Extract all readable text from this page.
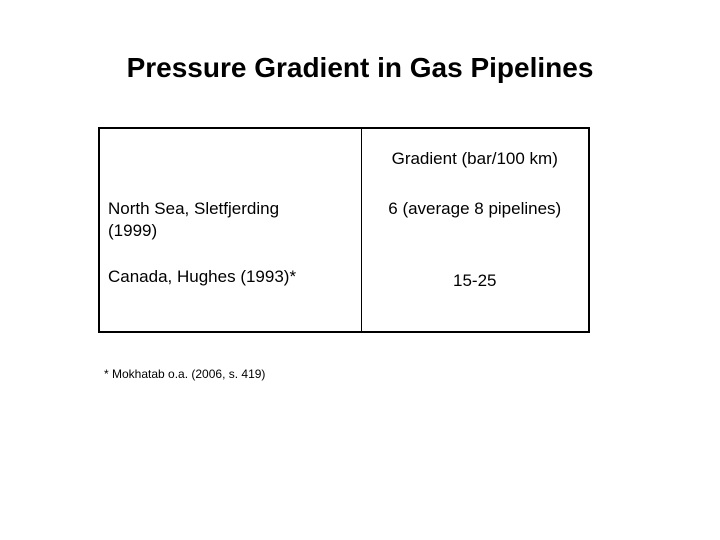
Pressure Gradient in Gas Pipelines
	Gradient (bar/100 km)

North Sea, Sletfjerding (1999)	6 (average 8 pipelines)
Canada, Hughes (1993)*	15-25

* Mokhatab o.a. (2006, s. 419)
